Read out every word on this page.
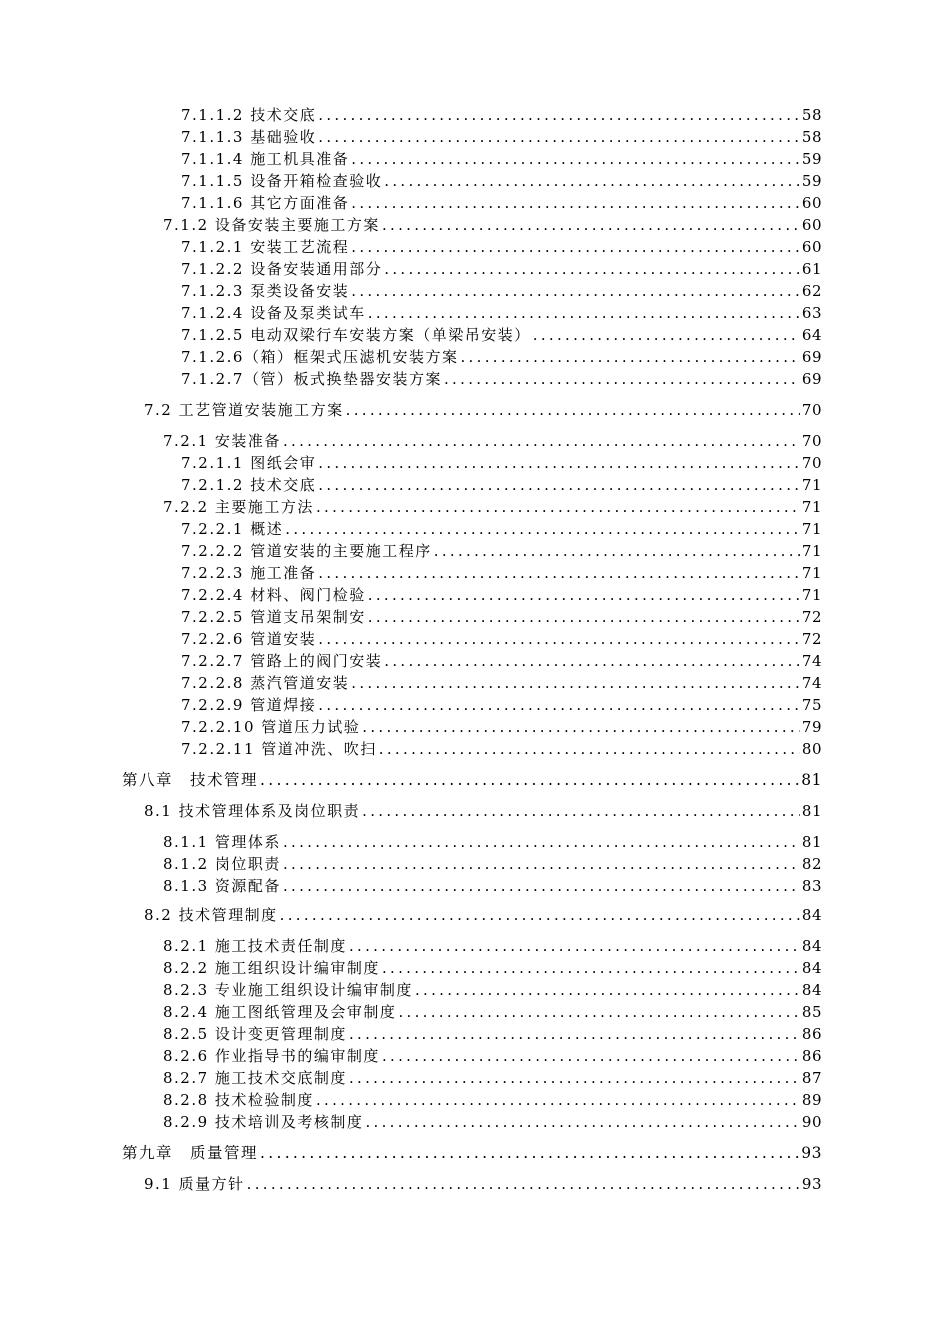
7.1.1.2 技术交底 .....	58
7.1.1.3 基础验收 .....	58
7.1.1.4 施工机具准备 .....	59
7.1.1.5 设备开箱检查验收 .....	59
7.1.1.6 其它方面准备 .....	60
7.1.2 设备安装主要施工方案 .....	60
7.1.2.1 安装工艺流程 .....	60
7.1.2.2 设备安装通用部分 .....	61
7.1.2.3 泵类设备安装 .....	62
7.1.2.4 设备及泵类试车 .....	63
7.1.2.5 电动双梁行车安装方案（单梁吊安装） .....	64
7.1.2.6（箱）框架式压滤机安装方案 .....	69
7.1.2.7（管）板式换垫器安装方案 .....	69
7.2 工艺管道安装施工方案 .....	70
7.2.1 安装准备 .....	70
7.2.1.1 图纸会审 .....	70
7.2.1.2 技术交底 .....	71
7.2.2 主要施工方法 .....	71
7.2.2.1 概述 .....	71
7.2.2.2 管道安装的主要施工程序 .....	71
7.2.2.3 施工准备 .....	71
7.2.2.4 材料、阀门检验 .....	71
7.2.2.5 管道支吊架制安 .....	72
7.2.2.6 管道安装 .....	72
7.2.2.7 管路上的阀门安装 .....	74
7.2.2.8 蒸汽管道安装 .....	74
7.2.2.9 管道焊接 .....	75
7.2.2.10 管道压力试验 .....	79
7.2.2.11 管道冲洗、吹扫 .....	80
第八章　技术管理 .....	81
8.1 技术管理体系及岗位职责 .....	81
8.1.1 管理体系 .....	81
8.1.2 岗位职责 .....	82
8.1.3 资源配备 .....	83
8.2 技术管理制度 .....	84
8.2.1 施工技术责任制度 .....	84
8.2.2 施工组织设计编审制度 .....	84
8.2.3 专业施工组织设计编审制度 .....	84
8.2.4 施工图纸管理及会审制度 .....	85
8.2.5 设计变更管理制度 .....	86
8.2.6 作业指导书的编审制度 .....	86
8.2.7 施工技术交底制度 .....	87
8.2.8 技术检验制度 .....	89
8.2.9 技术培训及考核制度 .....	90
第九章　质量管理 .....	93
9.1 质量方针 .....	93
